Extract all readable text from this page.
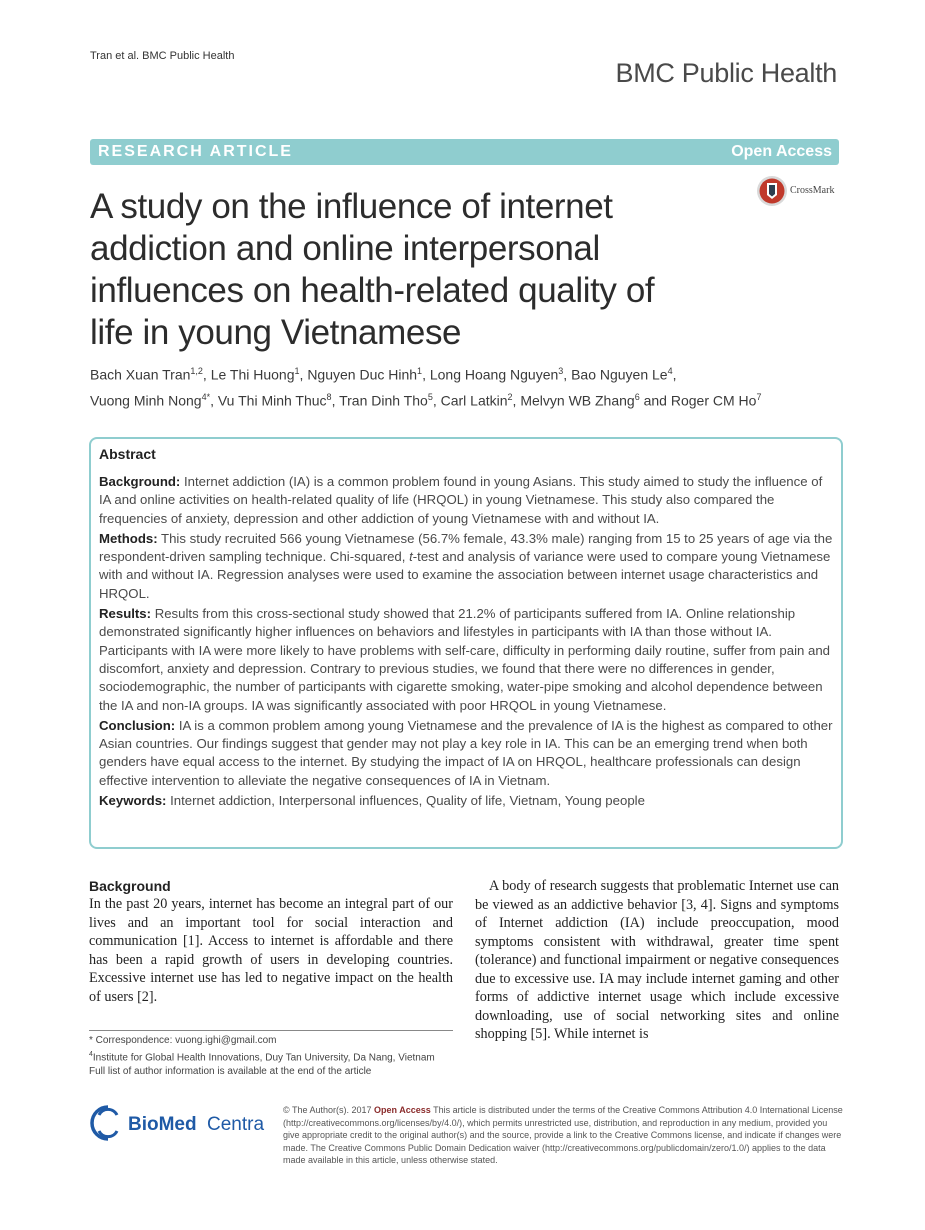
Tran et al. BMC Public Health
BMC Public Health
RESEARCH ARTICLE	Open Access
A study on the influence of internet addiction and online interpersonal influences on health-related quality of life in young Vietnamese
CrossMark
Bach Xuan Tran$^{1,2}$, Le Thi Huong$^1$, Nguyen Duc Hinh$^1$, Long Hoang Nguyen$^3$, Bao Nguyen Le$^4$,
Vuong Minh Nong$^{4*}$, Vu Thi Minh Thuc$^8$, Tran Dinh Tho$^5$, Carl Latkin$^2$, Melvyn WB Zhang$^6$ and Roger CM Ho$^7$
Abstract

Background: Internet addiction (IA) is a common problem found in young Asians. This study aimed to study the influence of IA and online activities on health-related quality of life (HRQOL) in young Vietnamese. This study also compared the frequencies of anxiety, depression and other addiction of young Vietnamese with and without IA.

Methods: This study recruited 566 young Vietnamese (56.7% female, 43.3% male) ranging from 15 to 25 years of age via the respondent-driven sampling technique. Chi-squared, t-test and analysis of variance were used to compare young Vietnamese with and without IA. Regression analyses were used to examine the association between internet usage characteristics and HRQOL.

Results: Results from this cross-sectional study showed that 21.2% of participants suffered from IA. Online relationship demonstrated significantly higher influences on behaviors and lifestyles in participants with IA than those without IA. Participants with IA were more likely to have problems with self-care, difficulty in performing daily routine, suffer from pain and discomfort, anxiety and depression. Contrary to previous studies, we found that there were no differences in gender, sociodemographic, the number of participants with cigarette smoking, water-pipe smoking and alcohol dependence between the IA and non-IA groups. IA was significantly associated with poor HRQOL in young Vietnamese.

Conclusion: IA is a common problem among young Vietnamese and the prevalence of IA is the highest as compared to other Asian countries. Our findings suggest that gender may not play a key role in IA. This can be an emerging trend when both genders have equal access to the internet. By studying the impact of IA on HRQOL, healthcare professionals can design effective intervention to alleviate the negative consequences of IA in Vietnam.

Keywords: Internet addiction, Interpersonal influences, Quality of life, Vietnam, Young people

Background

In the past 20 years, internet has become an integral part of our lives and an important tool for social interaction and communication [1]. Access to internet is affordable and there has been a rapid growth of users in developing countries. Excessive internet use has led to negative impact on the health of users [2].

A body of research suggests that problematic Internet use can be viewed as an addictive behavior [3, 4]. Signs and symptoms of Internet addiction (IA) include preoccupation, mood symptoms consistent with withdrawal, greater time spent (tolerance) and functional impairment or negative consequences due to excessive use. IA may include internet gaming and other forms of addictive internet usage which include excessive downloading, use of social networking sites and online shopping [5]. While internet is

* Correspondence: vuong.ighi@gmail.com
$^4$Institute for Global Health Innovations, Duy Tan University, Da Nang, Vietnam
Full list of author information is available at the end of the article
BioMed Central
© The Author(s). 2017 Open Access This article is distributed under the terms of the Creative Commons Attribution 4.0 International License (http://creativecommons.org/licenses/by/4.0/), which permits unrestricted use, distribution, and reproduction in any medium, provided you give appropriate credit to the original author(s) and the source, provide a link to the Creative Commons license, and indicate if changes were made. The Creative Commons Public Domain Dedication waiver (http://creativecommons.org/publicdomain/zero/1.0/) applies to the data made available in this article, unless otherwise stated.
